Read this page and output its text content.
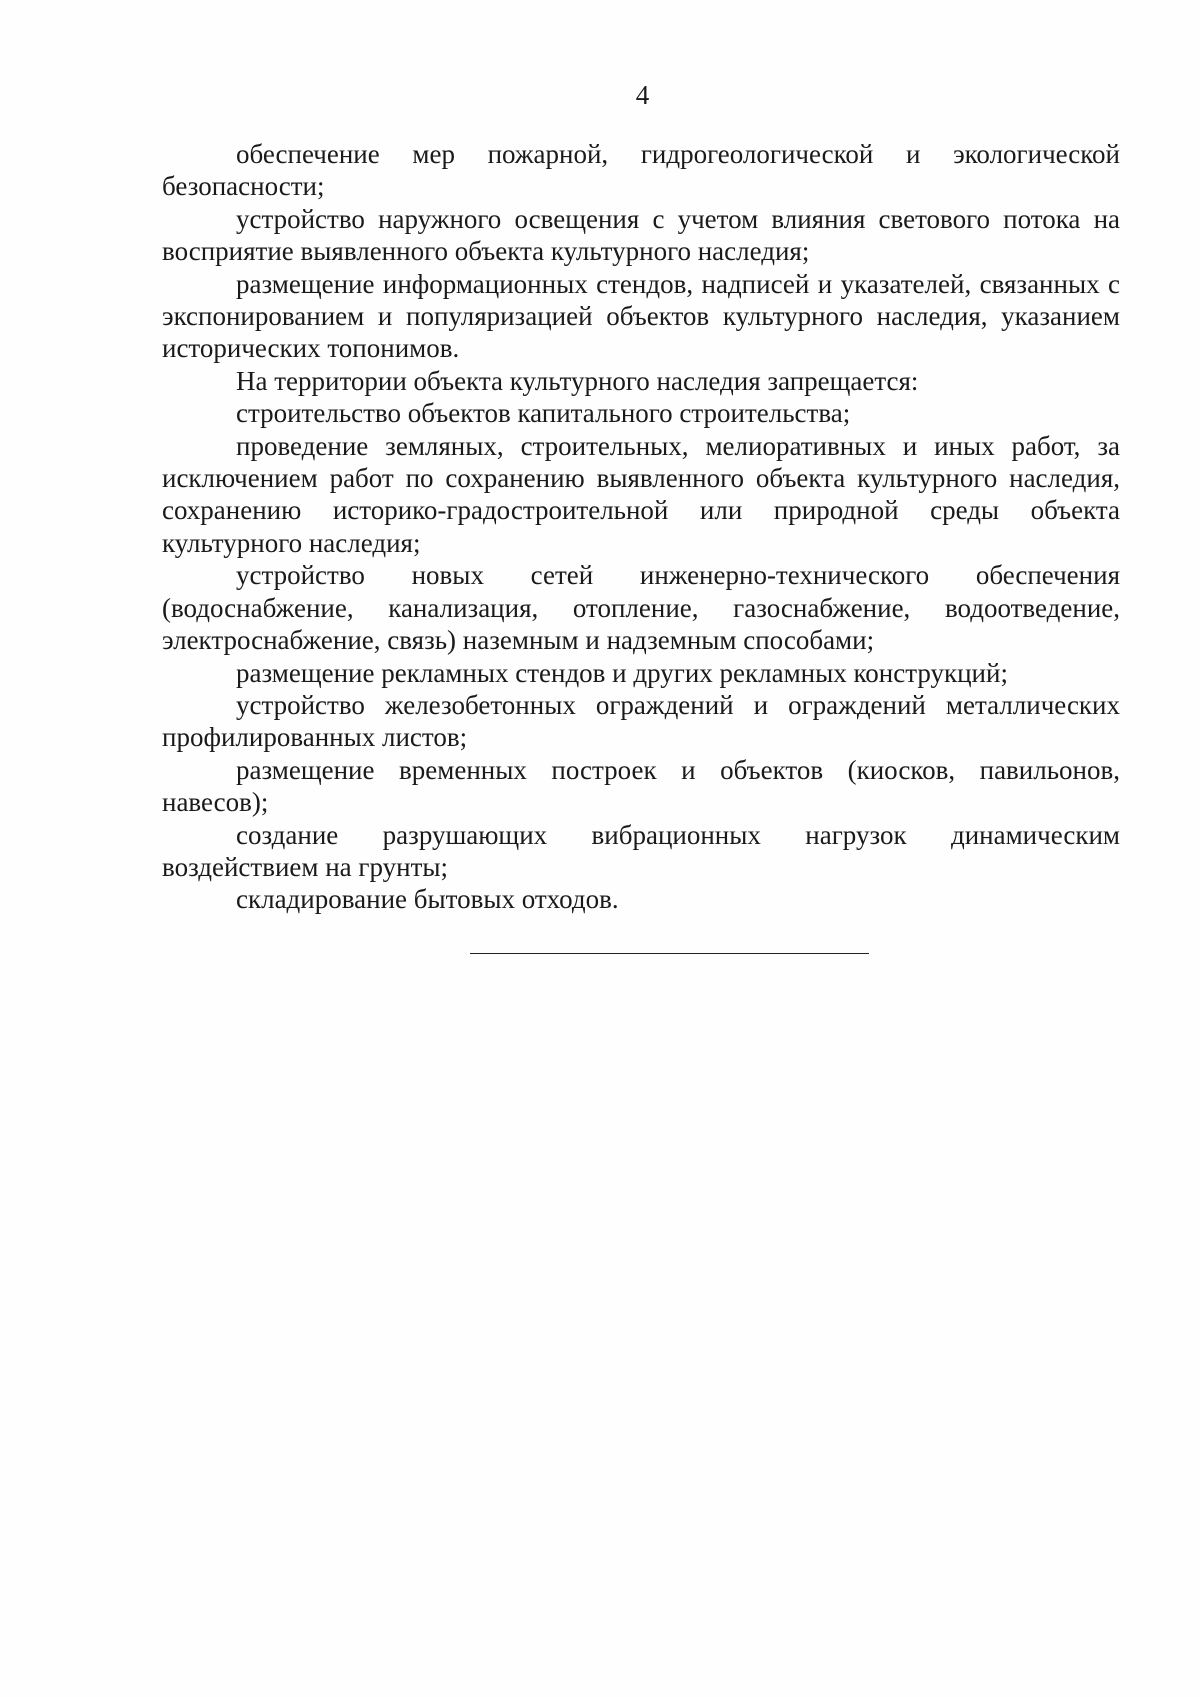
4

обеспечение мер пожарной, гидрогеологической и экологической безопасности;

устройство наружного освещения с учетом влияния светового потока на восприятие выявленного объекта культурного наследия;

размещение информационных стендов, надписей и указателей, связанных с экспонированием и популяризацией объектов культурного наследия, указанием исторических топонимов.

На территории объекта культурного наследия запрещается:

строительство объектов капитального строительства;

проведение земляных, строительных, мелиоративных и иных работ, за исключением работ по сохранению выявленного объекта культурного наследия, сохранению историко-градостроительной или природной среды объекта культурного наследия;

устройство новых сетей инженерно-технического обеспечения (водоснабжение, канализация, отопление, газоснабжение, водоотведение, электроснабжение, связь) наземным и надземным способами;

размещение рекламных стендов и других рекламных конструкций;

устройство железобетонных ограждений и ограждений металлических профилированных листов;

размещение временных построек и объектов (киосков, павильонов, навесов);

создание разрушающих вибрационных нагрузок динамическим воздействием на грунты;

складирование бытовых отходов.
